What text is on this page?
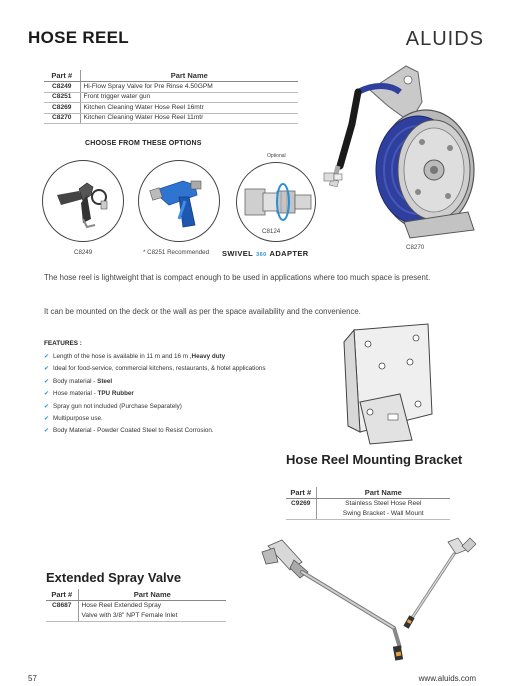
HOSE REEL	ALUIDS
Part #	Part Name
C8249	Hi-Flow Spray Valve for Pre Rinse 4.50GPM
C8251	Front trigger water gun
C8269	Kitchen Cleaning Water Hose Reel 16mtr
C8270	Kitchen Cleaning Water Hose Reel 11mtr
C8270
CHOOSE FROM THESE OPTIONS
Optional
C8249	* C8251 Recommended
C8124
SWIVEL 360 ADAPTER
The hose reel is lightweight that is compact enough to be used in applications where too much space is present.
It can be mounted on the deck or the wall as per the space availability and the convenience.
FEATURES :
✔ Length of the hose is available in 11 m and 16 m ,Heavy duty
✔ Ideal for food-service, commercial kitchens, restaurants, & hotel applications
✔ Body material - Steel
✔ Hose material - TPU Rubber
✔ Spray gun not included (Purchase Separately)
✔ Multipurpose use.
✔ Body Material - Powder Coated Steel to Resist Corrosion.
Hose Reel Mounting Bracket
Part #	Part Name
C9269	Stainless Steel Hose Reel
Swing Bracket - Wall Mount
Extended Spray Valve
Part #	Part Name
C8687	Hose Reel Extended Spray
Valve with 3/8" NPT Female Inlet
57	www.aluids.com
